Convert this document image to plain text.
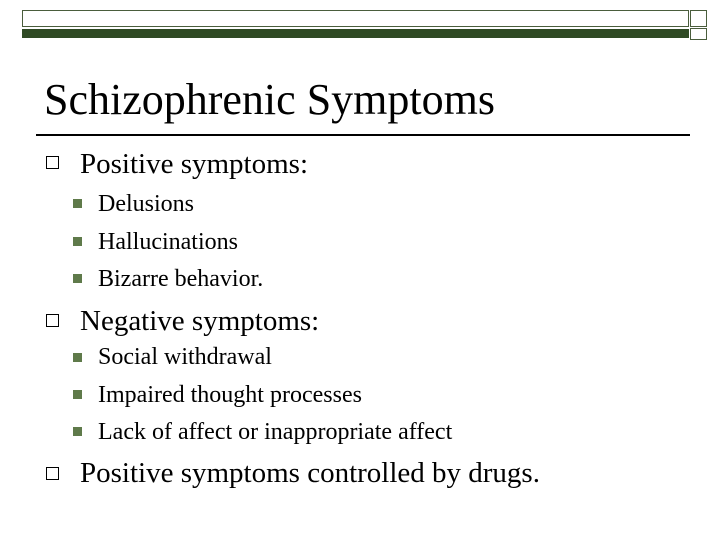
Schizophrenic Symptoms
Positive symptoms:
Delusions
Hallucinations
Bizarre behavior.
Negative symptoms:
Social withdrawal
Impaired thought processes
Lack of affect or inappropriate affect
Positive symptoms controlled by drugs.
